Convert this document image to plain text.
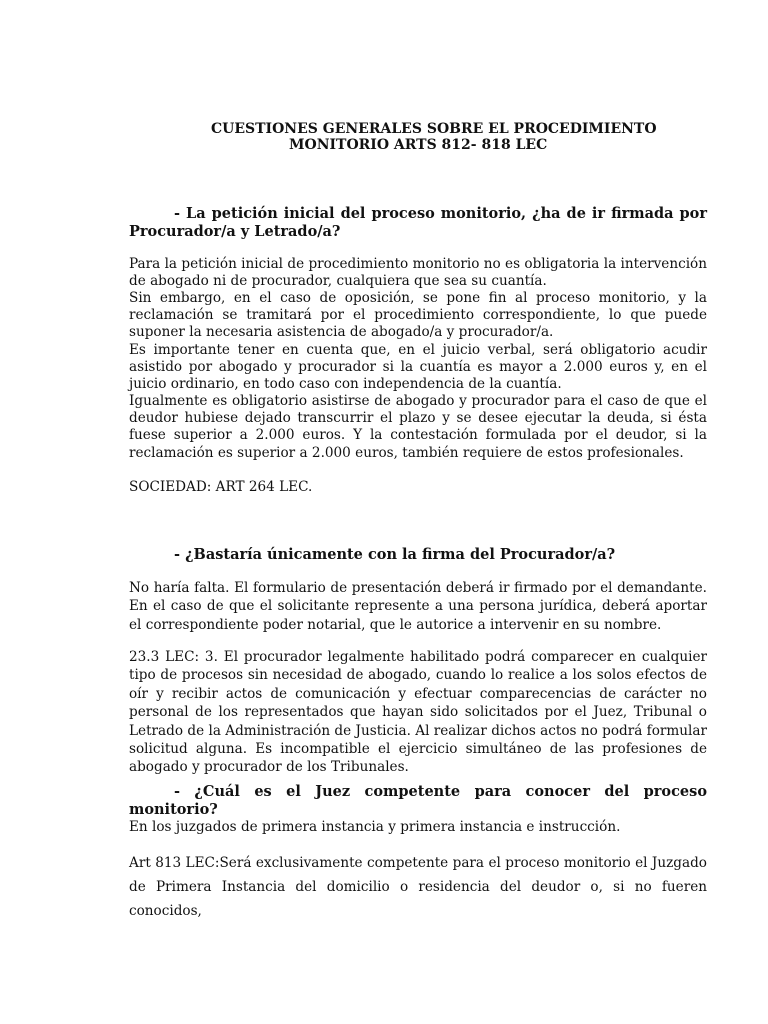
CUESTIONES GENERALES SOBRE EL PROCEDIMIENTO
MONITORIO ARTS 812- 818 LEC
- La petición inicial del proceso monitorio, ¿ha de ir firmada por Procurador/a y Letrado/a?

Para la petición inicial de procedimiento monitorio no es obligatoria la intervención de abogado ni de procurador, cualquiera que sea su cuantía.

Sin embargo, en el caso de oposición, se pone fin al proceso monitorio, y la reclamación se tramitará por el procedimiento correspondiente, lo que puede suponer la necesaria asistencia de abogado/a y procurador/a.

Es importante tener en cuenta que, en el juicio verbal, será obligatorio acudir asistido por abogado y procurador si la cuantía es mayor a 2.000 euros y, en el juicio ordinario, en todo caso con independencia de la cuantía.

Igualmente es obligatorio asistirse de abogado y procurador para el caso de que el deudor hubiese dejado transcurrir el plazo y se desee ejecutar la deuda, si ésta fuese superior a 2.000 euros. Y la contestación formulada por el deudor, si la reclamación es superior a 2.000 euros, también requiere de estos profesionales.

SOCIEDAD: ART 264 LEC.

- ¿Bastaría únicamente con la firma del Procurador/a?

No haría falta. El formulario de presentación deberá ir firmado por el demandante. En el caso de que el solicitante represente a una persona jurídica, deberá aportar el correspondiente poder notarial, que le autorice a intervenir en su nombre.

23.3 LEC: 3. El procurador legalmente habilitado podrá comparecer en cualquier tipo de procesos sin necesidad de abogado, cuando lo realice a los solos efectos de oír y recibir actos de comunicación y efectuar comparecencias de carácter no personal de los representados que hayan sido solicitados por el Juez, Tribunal o Letrado de la Administración de Justicia. Al realizar dichos actos no podrá formular solicitud alguna. Es incompatible el ejercicio simultáneo de las profesiones de abogado y procurador de los Tribunales.

- ¿Cuál es el Juez competente para conocer del proceso monitorio?

En los juzgados de primera instancia y primera instancia e instrucción.

Art 813 LEC:Será exclusivamente competente para el proceso monitorio el Juzgado de Primera Instancia del domicilio o residencia del deudor o, si no fueren conocidos,
